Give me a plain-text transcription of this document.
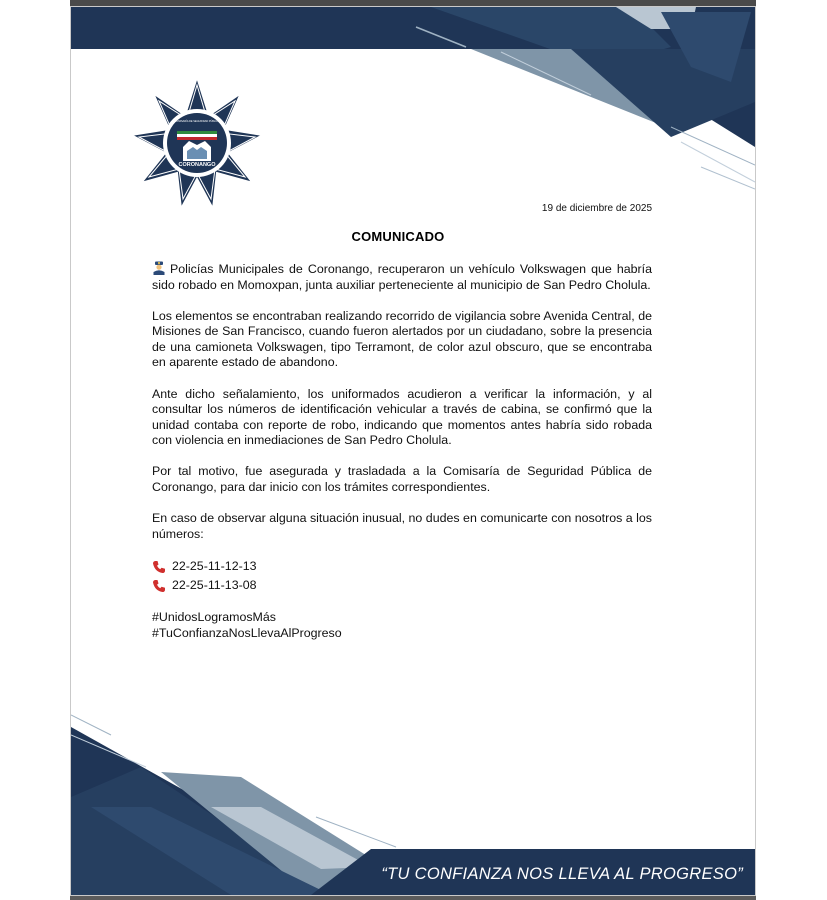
CORONANGO
COMISARÍA DE SEGURIDAD PÚBLICA
19 de diciembre de 2025
COMUNICADO

Policías Municipales de Coronango, recuperaron un vehículo Volkswagen que habría sido robado en Momoxpan, junta auxiliar perteneciente al municipio de San Pedro Cholula.

Los elementos se encontraban realizando recorrido de vigilancia sobre Avenida Central, de Misiones de San Francisco, cuando fueron alertados por un ciudadano, sobre la presencia de una camioneta Volkswagen, tipo Terramont, de color azul obscuro, que se encontraba en aparente estado de abandono.

Ante dicho señalamiento, los uniformados acudieron a verificar la información, y al consultar los números de identificación vehicular a través de cabina, se confirmó que la unidad contaba con reporte de robo, indicando que momentos antes habría sido robada con violencia en inmediaciones de San Pedro Cholula.

Por tal motivo, fue asegurada y trasladada a la Comisaría de Seguridad Pública de Coronango, para dar inicio con los trámites correspondientes.

En caso de observar alguna situación inusual, no dudes en comunicarte con nosotros a los números:

22-25-11-12-13
22-25-11-13-08
#UnidosLogramosMás
#TuConfianzaNosLlevaAlProgreso
“TU CONFIANZA NOS LLEVA AL PROGRESO”
